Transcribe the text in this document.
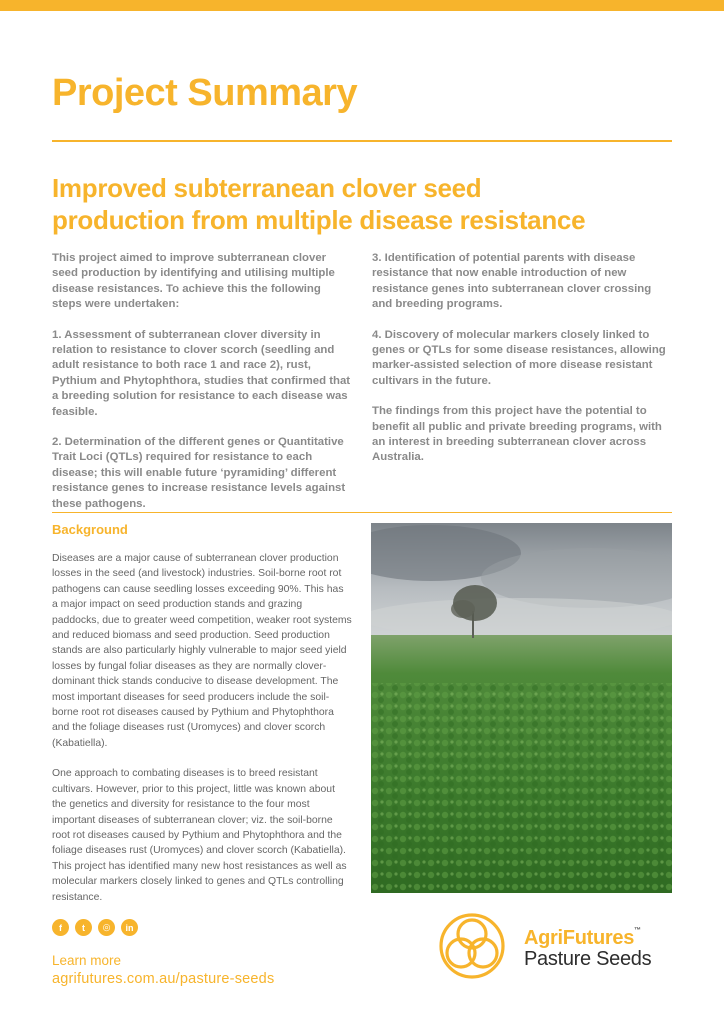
Project Summary
Improved subterranean clover seed
production from multiple disease resistance

This project aimed to improve subterranean clover seed production by identifying and utilising multiple disease resistances. To achieve this the following steps were undertaken:

1. Assessment of subterranean clover diversity in relation to resistance to clover scorch (seedling and adult resistance to both race 1 and race 2), rust, Pythium and Phytophthora, studies that confirmed that a breeding solution for resistance to each disease was feasible.

2. Determination of the different genes or Quantitative Trait Loci (QTLs) required for resistance to each disease; this will enable future ‘pyramiding’ different resistance genes to increase resistance levels against these pathogens.

3. Identification of potential parents with disease resistance that now enable introduction of new resistance genes into subterranean clover crossing and breeding programs.

4. Discovery of molecular markers closely linked to genes or QTLs for some disease resistances, allowing marker-assisted selection of more disease resistant cultivars in the future.

The findings from this project have the potential to benefit all public and private breeding programs, with an interest in breeding subterranean clover across Australia.

Background

Diseases are a major cause of subterranean clover production losses in the seed (and livestock) industries. Soil-borne root rot pathogens can cause seedling losses exceeding 90%. This has a major impact on seed production stands and grazing paddocks, due to greater weed competition, weaker root systems and reduced biomass and seed production. Seed production stands are also particularly highly vulnerable to major seed yield losses by fungal foliar diseases as they are normally clover-dominant thick stands conducive to disease development. The most important diseases for seed producers include the soil-borne root rot diseases caused by Pythium and Phytophthora and the foliage diseases rust (Uromyces) and clover scorch (Kabatiella).

One approach to combating diseases is to breed resistant cultivars. However, prior to this project, little was known about the genetics and diversity for resistance to the four most important diseases of subterranean clover; viz. the soil-borne root rot diseases caused by Pythium and Phytophthora and the foliage diseases rust (Uromyces) and clover scorch (Kabatiella). This project has identified many new host resistances as well as molecular markers closely linked to genes and QTLs controlling resistance.

f	t	◎	in
Learn more
agrifutures.com.au/pasture-seeds
AgriFutures™
Pasture Seeds
